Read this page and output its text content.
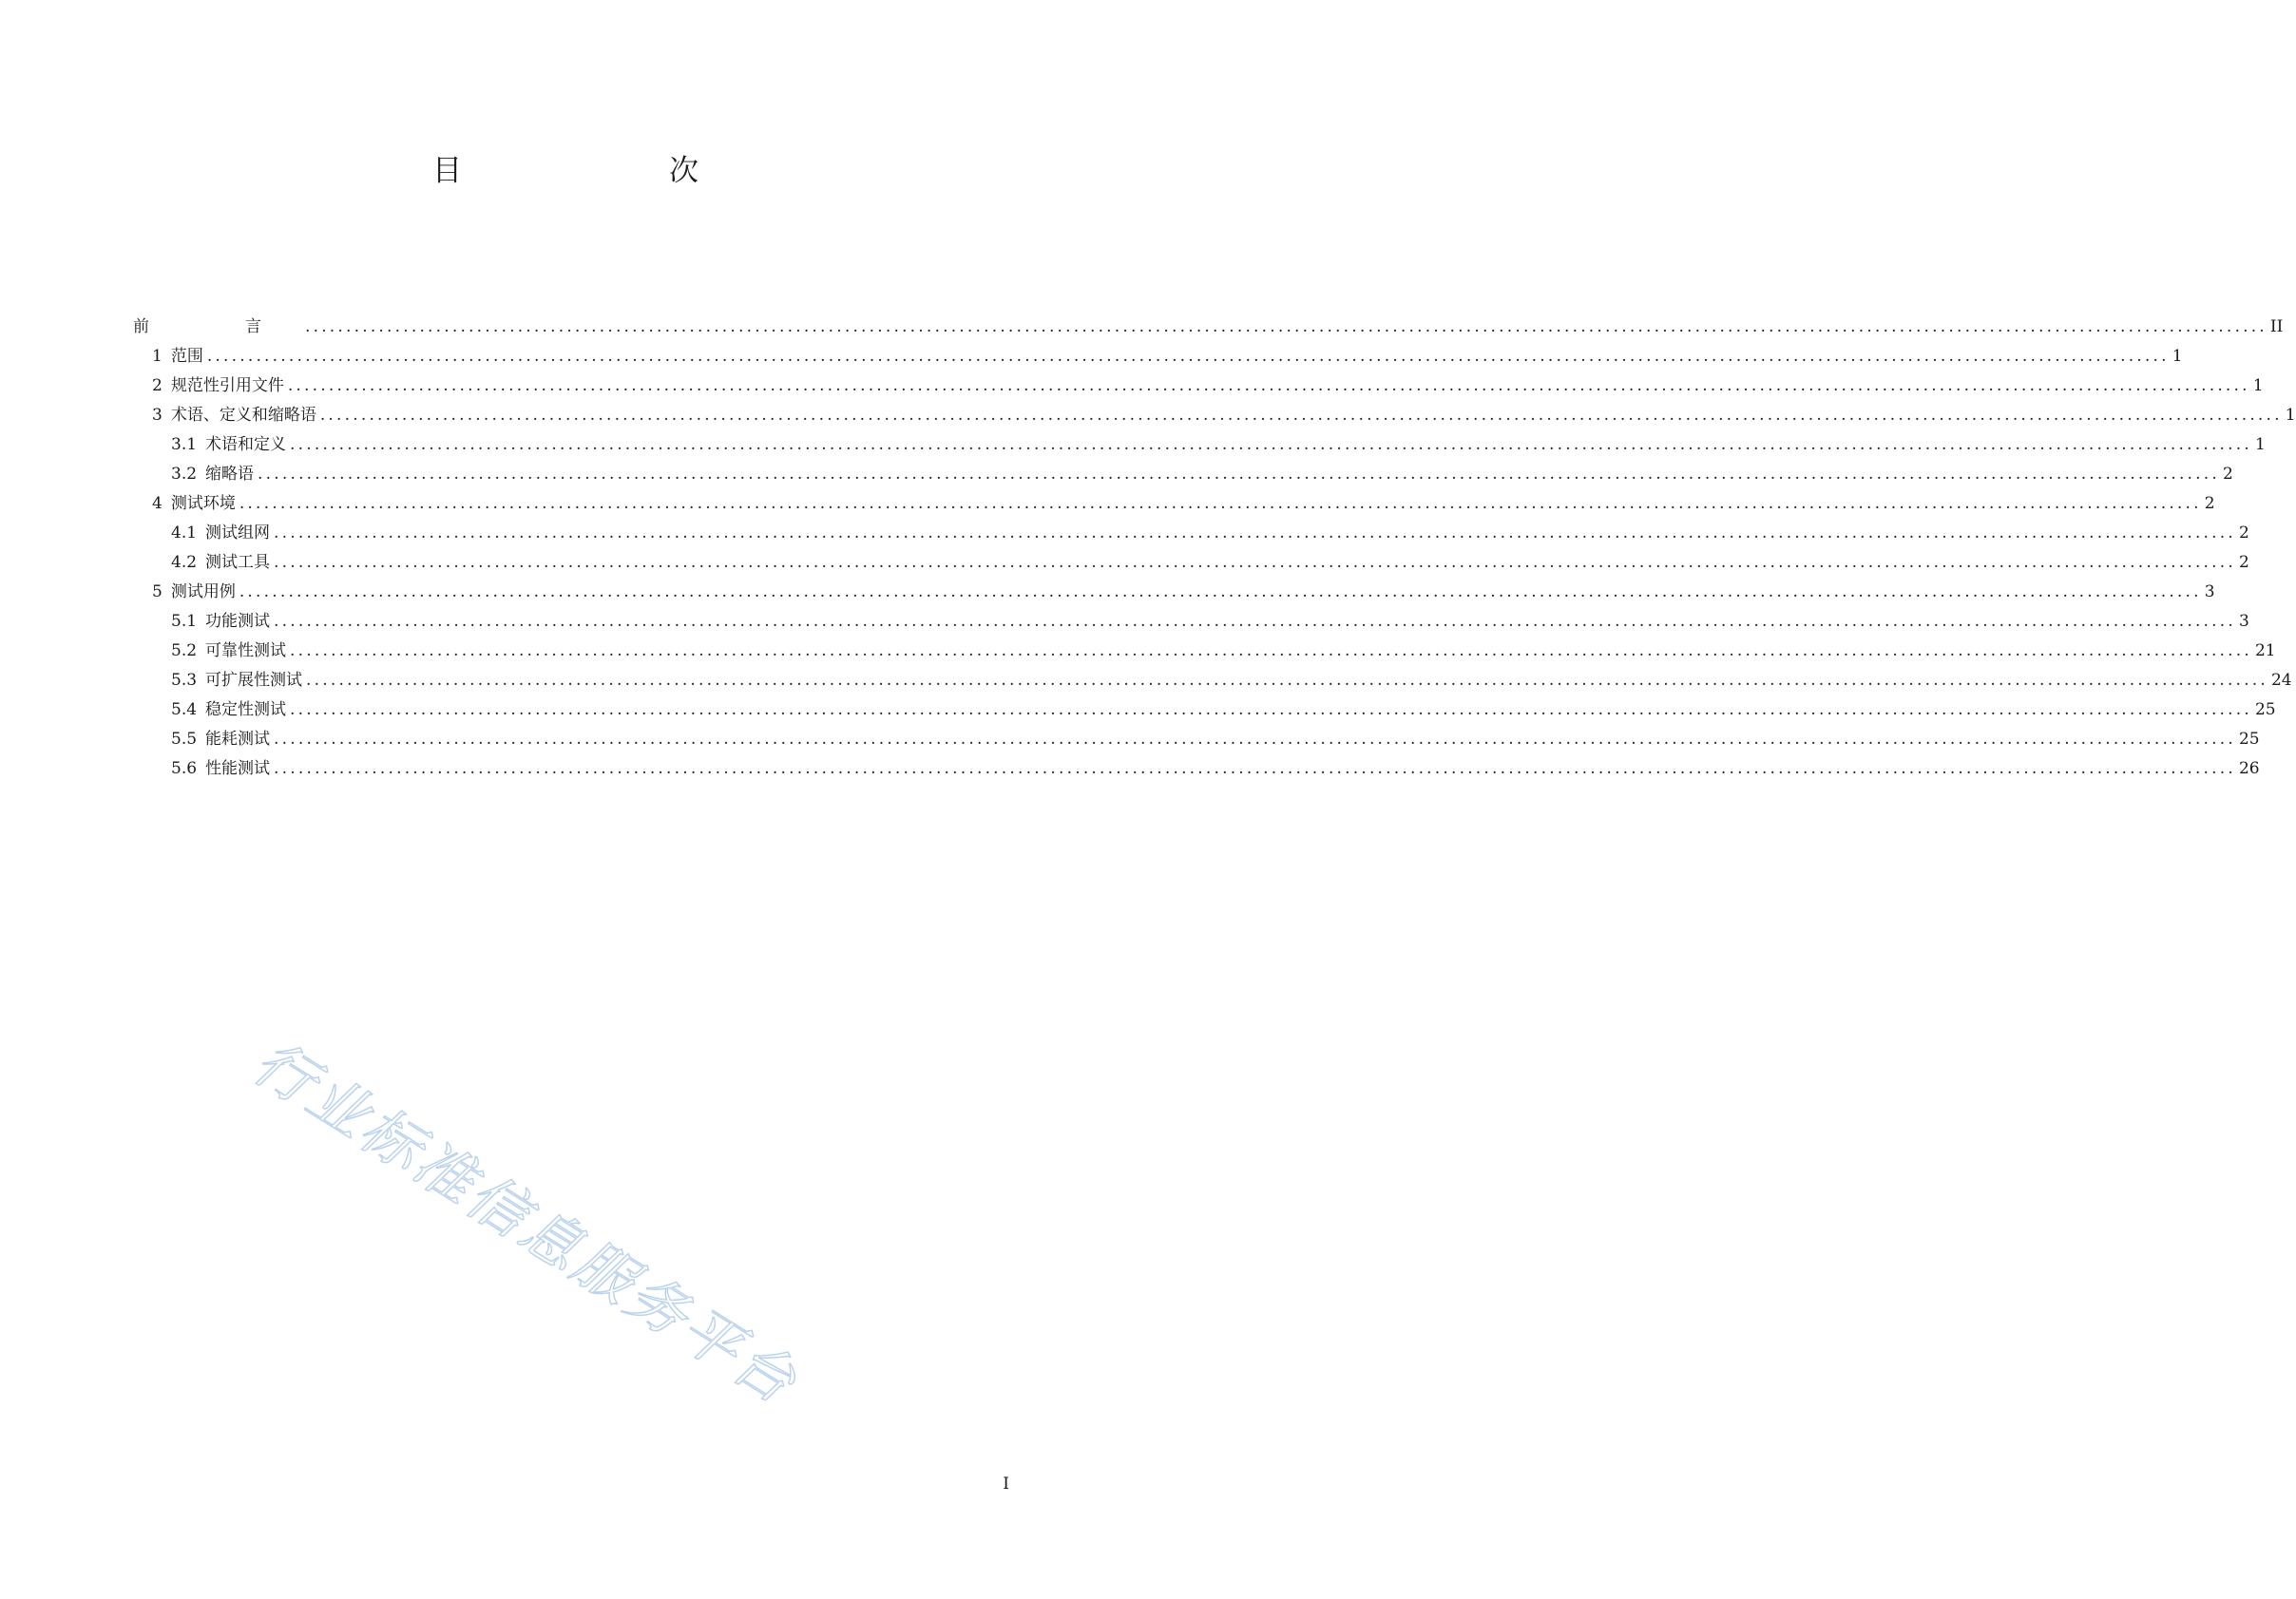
目　　次
前　言 ................................................................................................................................................................................................................................................ II
1 范围 ................................................................................................................................................................................................................................................ 1
2 规范性引用文件 ................................................................................................................................................................................................................................................ 1
3 术语、定义和缩略语 ................................................................................................................................................................................................................................................ 1
3.1 术语和定义 ................................................................................................................................................................................................................................................ 1
3.2 缩略语 ................................................................................................................................................................................................................................................ 2
4 测试环境 ................................................................................................................................................................................................................................................ 2
4.1 测试组网 ................................................................................................................................................................................................................................................ 2
4.2 测试工具 ................................................................................................................................................................................................................................................ 2
5 测试用例 ................................................................................................................................................................................................................................................ 3
5.1 功能测试 ................................................................................................................................................................................................................................................ 3
5.2 可靠性测试 ................................................................................................................................................................................................................................................ 21
5.3 可扩展性测试 ................................................................................................................................................................................................................................................ 24
5.4 稳定性测试 ................................................................................................................................................................................................................................................ 25
5.5 能耗测试 ................................................................................................................................................................................................................................................ 25
5.6 性能测试 ................................................................................................................................................................................................................................................ 26
行业标准信息服务平台
I
